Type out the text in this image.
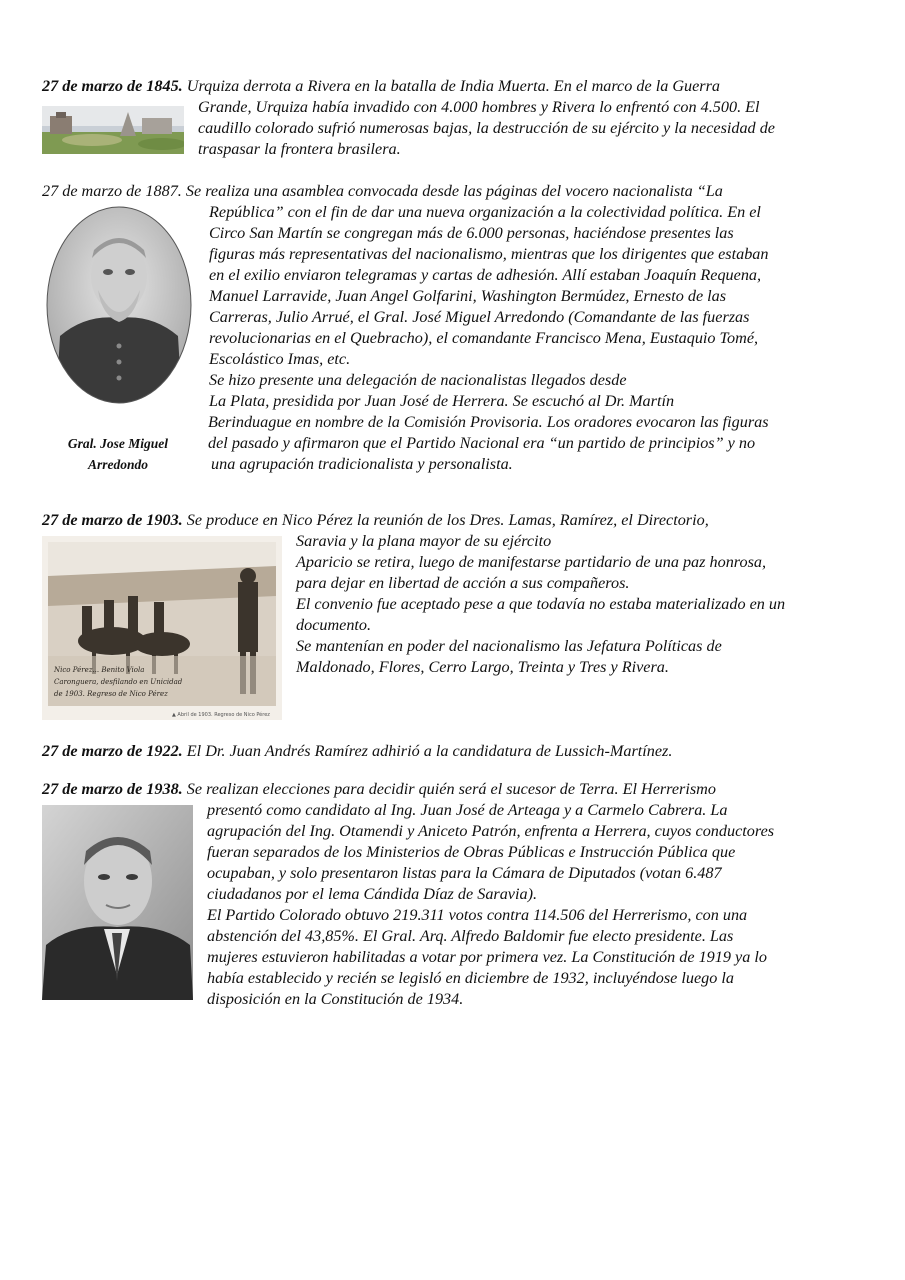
27 de marzo de 1845. Urquiza derrota a Rivera en la batalla de India Muerta. En el marco de la Guerra
Grande, Urquiza había invadido con 4.000 hombres y Rivera lo enfrentó con 4.500. El
caudillo colorado sufrió numerosas bajas, la destrucción de su ejército y la necesidad de
traspasar la frontera brasilera.
27 de marzo de 1887. Se realiza una asamblea convocada desde las páginas del vocero nacionalista “La
República” con el fin de dar una nueva organización a la colectividad política. En el
Circo San Martín se congregan más de 6.000 personas, haciéndose presentes las
figuras más representativas del nacionalismo, mientras que los dirigentes que estaban
en el exilio enviaron telegramas y cartas de adhesión. Allí estaban Joaquín Requena,
Manuel Larravide, Juan Angel Golfarini, Washington Bermúdez, Ernesto de las
Carreras, Julio Arrué, el Gral. José Miguel Arredondo (Comandante de las fuerzas
revolucionarias en el Quebracho), el comandante Francisco Mena, Eustaquio Tomé,
Escolástico Imas, etc.
Se hizo presente una delegación de nacionalistas llegados desde
La Plata, presidida por Juan José de Herrera. Se escuchó al Dr. Martín
Berinduague en nombre de la Comisión Provisoria. Los oradores evocaron las figuras
del pasado y afirmaron que el Partido Nacional era “un partido de principios” y no
una agrupación tradicionalista y personalista.
Gral. Jose Miguel
Arredondo
27 de marzo de 1903. Se produce en Nico Pérez la reunión de los Dres. Lamas, Ramírez, el Directorio,
Nico Pérez... Benito Viola
Caronguera, desfilando en Unicidad
de 1903. Regreso de Nico Pérez
▲ Abril de 1903. Regreso de Nico Pérez
Saravia y la plana mayor de su ejército
Aparicio se retira, luego de manifestarse partidario de una paz honrosa,
para dejar en libertad de acción a sus compañeros.
El convenio fue aceptado pese a que todavía no estaba materializado en un
documento.
Se mantenían en poder del nacionalismo las Jefatura Políticas de
Maldonado, Flores, Cerro Largo, Treinta y Tres y Rivera.
27 de marzo de 1922. El Dr. Juan Andrés Ramírez adhirió a la candidatura de Lussich-Martínez.
27 de marzo de 1938. Se realizan elecciones para decidir quién será el sucesor de Terra. El Herrerismo
presentó como candidato al Ing. Juan José de Arteaga y a Carmelo Cabrera. La
agrupación del Ing. Otamendi y Aniceto Patrón, enfrenta a Herrera, cuyos conductores
fueran separados de los Ministerios de Obras Públicas e Instrucción Pública que
ocupaban, y solo presentaron listas para la Cámara de Diputados (votan 6.487
ciudadanos por el lema Cándida Díaz de Saravia).
El Partido Colorado obtuvo 219.311 votos contra 114.506 del Herrerismo, con una
abstención del 43,85%. El Gral. Arq. Alfredo Baldomir fue electo presidente. Las
mujeres estuvieron habilitadas a votar por primera vez. La Constitución de 1919 ya lo
había establecido y recién se legisló en diciembre de 1932, incluyéndose luego la
disposición en la Constitución de 1934.
